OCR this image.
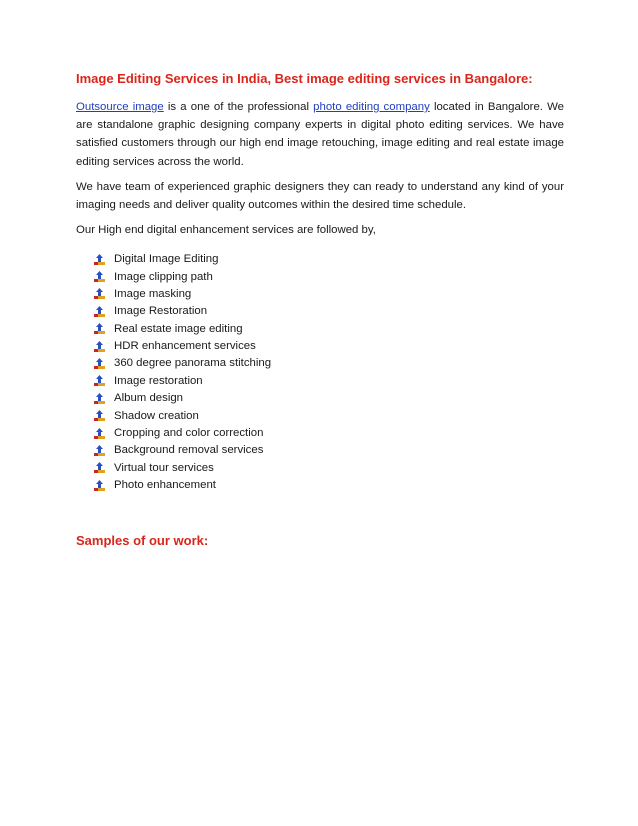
Image Editing Services in India, Best image editing services in Bangalore:

Outsource image is a one of the professional photo editing company located in Bangalore. We are standalone graphic designing company experts in digital photo editing services. We have satisfied customers through our high end image retouching, image editing and real estate image editing services across the world.

We have team of experienced graphic designers they can ready to understand any kind of your imaging needs and deliver quality outcomes within the desired time schedule.

Our High end digital enhancement services are followed by,

Digital Image Editing
Image clipping path
Image masking
Image Restoration
Real estate image editing
HDR enhancement services
360 degree panorama stitching
Image restoration
Album design
Shadow creation
Cropping and color correction
Background removal services
Virtual tour services
Photo enhancement
Samples of our work:
